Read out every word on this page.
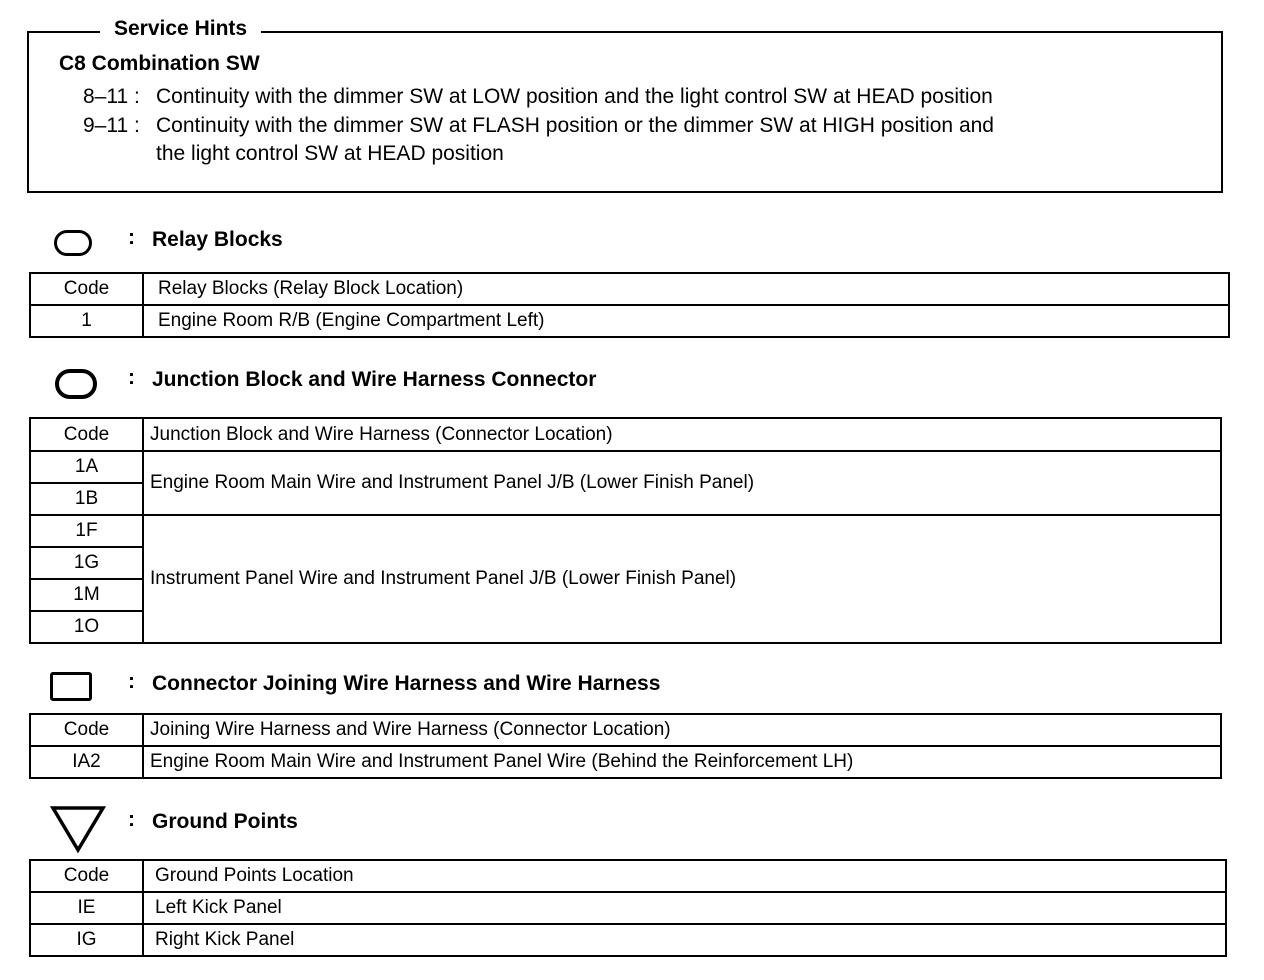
Service Hints
C8 Combination SW
8–11 : Continuity with the dimmer SW at LOW position and the light control SW at HEAD position
9–11 : Continuity with the dimmer SW at FLASH position or the dimmer SW at HIGH position and
the light control SW at HEAD position
: Relay Blocks
Code	Relay Blocks (Relay Block Location)
1	Engine Room R/B (Engine Compartment Left)
: Junction Block and Wire Harness Connector
Code	Junction Block and Wire Harness (Connector Location)
1A	Engine Room Main Wire and Instrument Panel J/B (Lower Finish Panel)
1B	
1F	Instrument Panel Wire and Instrument Panel J/B (Lower Finish Panel)
1G	
1M	
1O	
: Connector Joining Wire Harness and Wire Harness
Code	Joining Wire Harness and Wire Harness (Connector Location)
IA2	Engine Room Main Wire and Instrument Panel Wire (Behind the Reinforcement LH)
: Ground Points
Code	Ground Points Location
IE	Left Kick Panel
IG	Right Kick Panel
